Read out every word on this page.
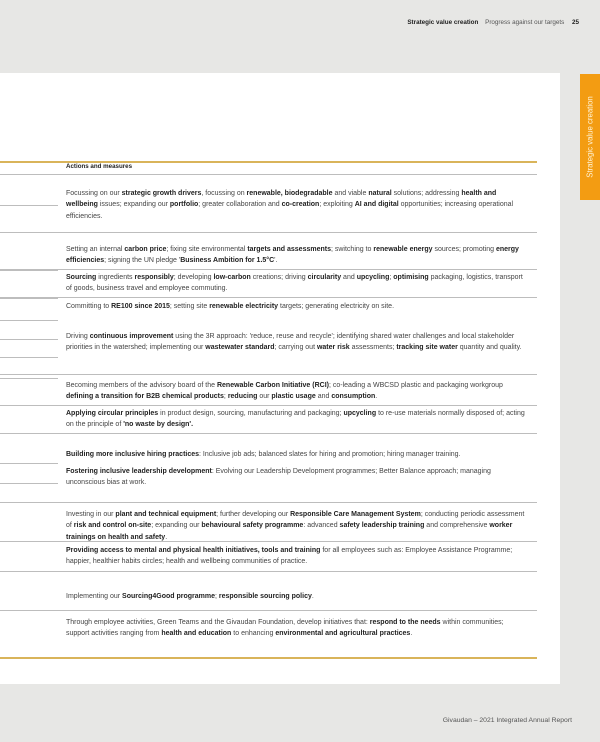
Strategic value creation Progress against our targets 25
Strategic value creation
Actions and measures
Focussing on our strategic growth drivers, focussing on renewable, biodegradable and viable natural solutions; addressing health and wellbeing issues; expanding our portfolio; greater collaboration and co-creation; exploiting AI and digital opportunities; increasing operational efficiencies.
Setting an internal carbon price; fixing site environmental targets and assessments; switching to renewable energy sources; promoting energy efficiencies; signing the UN pledge 'Business Ambition for 1.5°C'.
Sourcing ingredients responsibly; developing low-carbon creations; driving circularity and upcycling; optimising packaging, logistics, transport of goods, business travel and employee commuting.
Committing to RE100 since 2015; setting site renewable electricity targets; generating electricity on site.
Driving continuous improvement using the 3R approach: 'reduce, reuse and recycle'; identifying shared water challenges and local stakeholder priorities in the watershed; implementing our wastewater standard; carrying out water risk assessments; tracking site water quantity and quality.
Becoming members of the advisory board of the Renewable Carbon Initiative (RCI); co-leading a WBCSD plastic and packaging workgroup defining a transition for B2B chemical products; reducing our plastic usage and consumption.
Applying circular principles in product design, sourcing, manufacturing and packaging; upcycling to re-use materials normally disposed of; acting on the principle of 'no waste by design'.
Building more inclusive hiring practices: Inclusive job ads; balanced slates for hiring and promotion; hiring manager training.
Fostering inclusive leadership development: Evolving our Leadership Development programmes; Better Balance approach; managing unconscious bias at work.
Investing in our plant and technical equipment; further developing our Responsible Care Management System; conducting periodic assessment of risk and control on-site; expanding our behavioural safety programme: advanced safety leadership training and comprehensive worker trainings on health and safety.
Providing access to mental and physical health initiatives, tools and training for all employees such as: Employee Assistance Programme; happier, healthier habits circles; health and wellbeing communities of practice.
Implementing our Sourcing4Good programme; responsible sourcing policy.
Through employee activities, Green Teams and the Givaudan Foundation, develop initiatives that: respond to the needs within communities; support activities ranging from health and education to enhancing environmental and agricultural practices.
Givaudan – 2021 Integrated Annual Report
